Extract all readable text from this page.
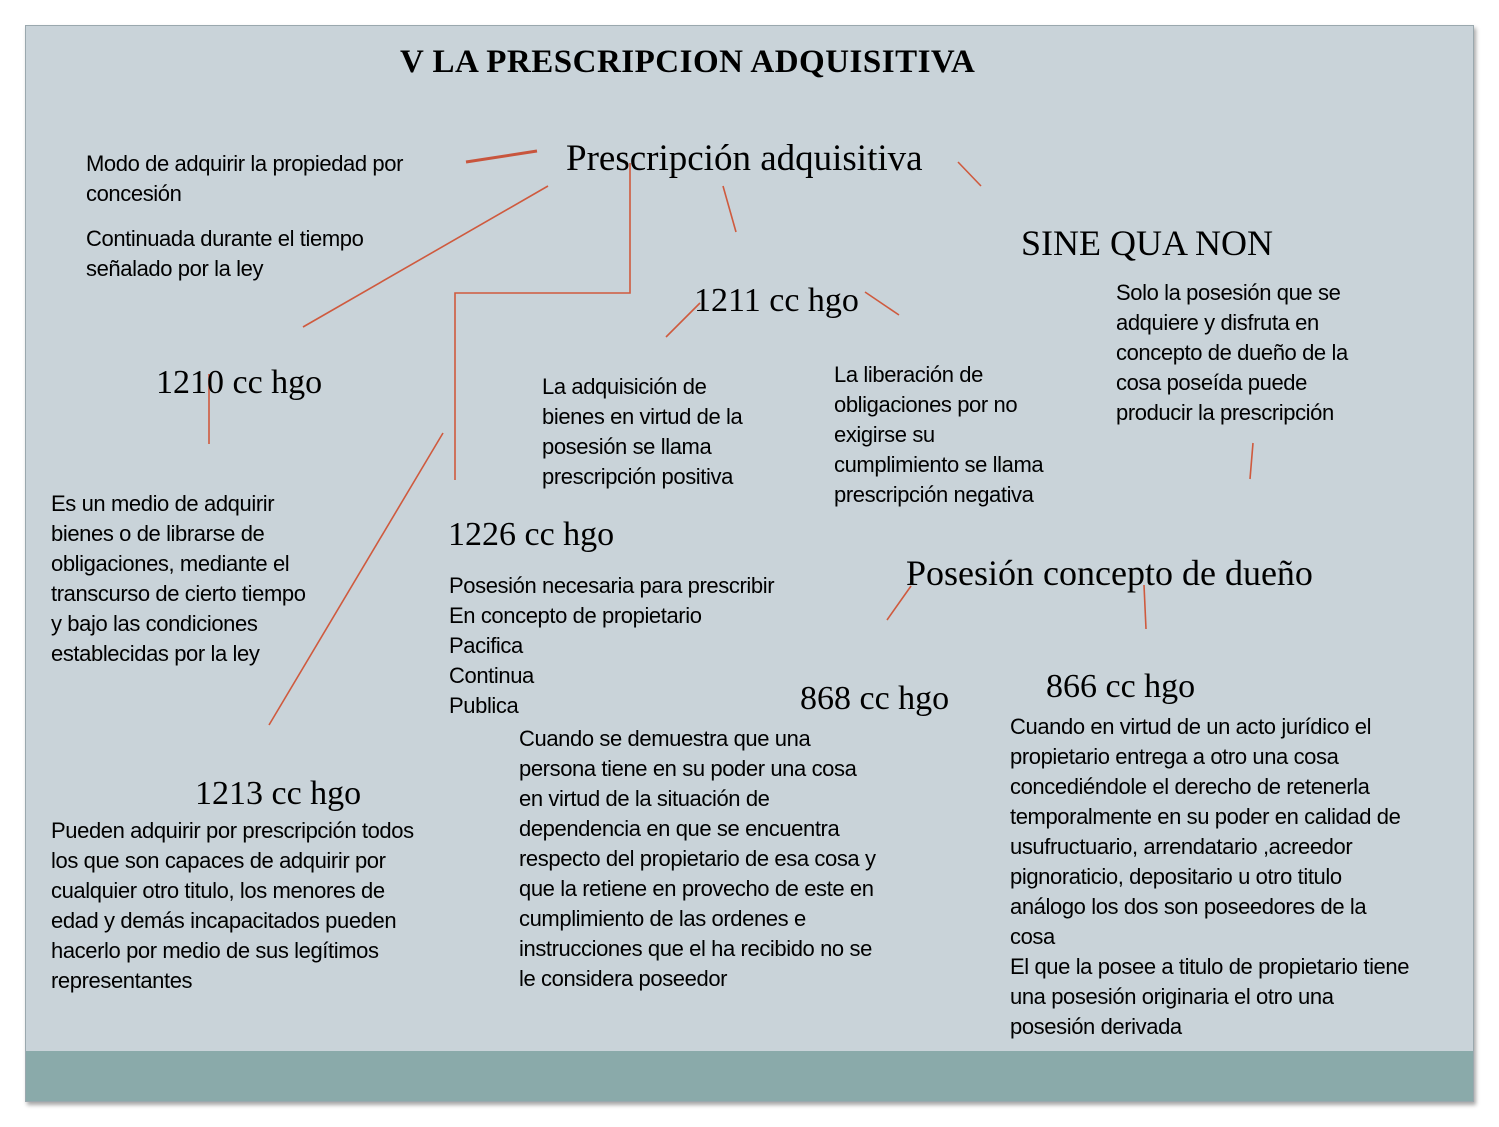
V LA PRESCRIPCION ADQUISITIVA
Prescripción adquisitiva
Modo de adquirir la propiedad por
concesión
Continuada durante el tiempo
señalado por la ley
SINE QUA NON
Solo la posesión que se
adquiere y disfruta en
concepto de dueño de la
cosa poseída puede
producir la prescripción
1211 cc hgo
La adquisición de
bienes en virtud de la
posesión se llama
prescripción positiva
La liberación de
obligaciones por no
exigirse su
cumplimiento se llama
prescripción negativa
1210 cc hgo
Es un medio de adquirir
bienes o de librarse de
obligaciones, mediante el
transcurso de cierto tiempo
y bajo las condiciones
establecidas por la ley
1226 cc hgo
Posesión necesaria para prescribir
En concepto de propietario
Pacifica
Continua
Publica
Posesión concepto de dueño
868 cc hgo
Cuando se demuestra que una
persona tiene en su poder una cosa
en virtud de la situación de
dependencia en que se encuentra
respecto del propietario de esa cosa y
que la retiene en provecho de este en
cumplimiento de las ordenes e
instrucciones que el ha recibido no se
le considera poseedor
866 cc hgo
Cuando en virtud de un acto jurídico el
propietario entrega a otro una cosa
concediéndole el derecho de retenerla
temporalmente en su poder en calidad de
usufructuario, arrendatario ,acreedor
pignoraticio, depositario u otro titulo
análogo los dos son poseedores de la
cosa
El que la posee a titulo de propietario tiene
una posesión originaria el otro una
posesión derivada
1213 cc hgo
Pueden adquirir por prescripción todos
los que son capaces de adquirir por
cualquier otro titulo, los menores de
edad y demás incapacitados pueden
hacerlo por medio de sus legítimos
representantes
